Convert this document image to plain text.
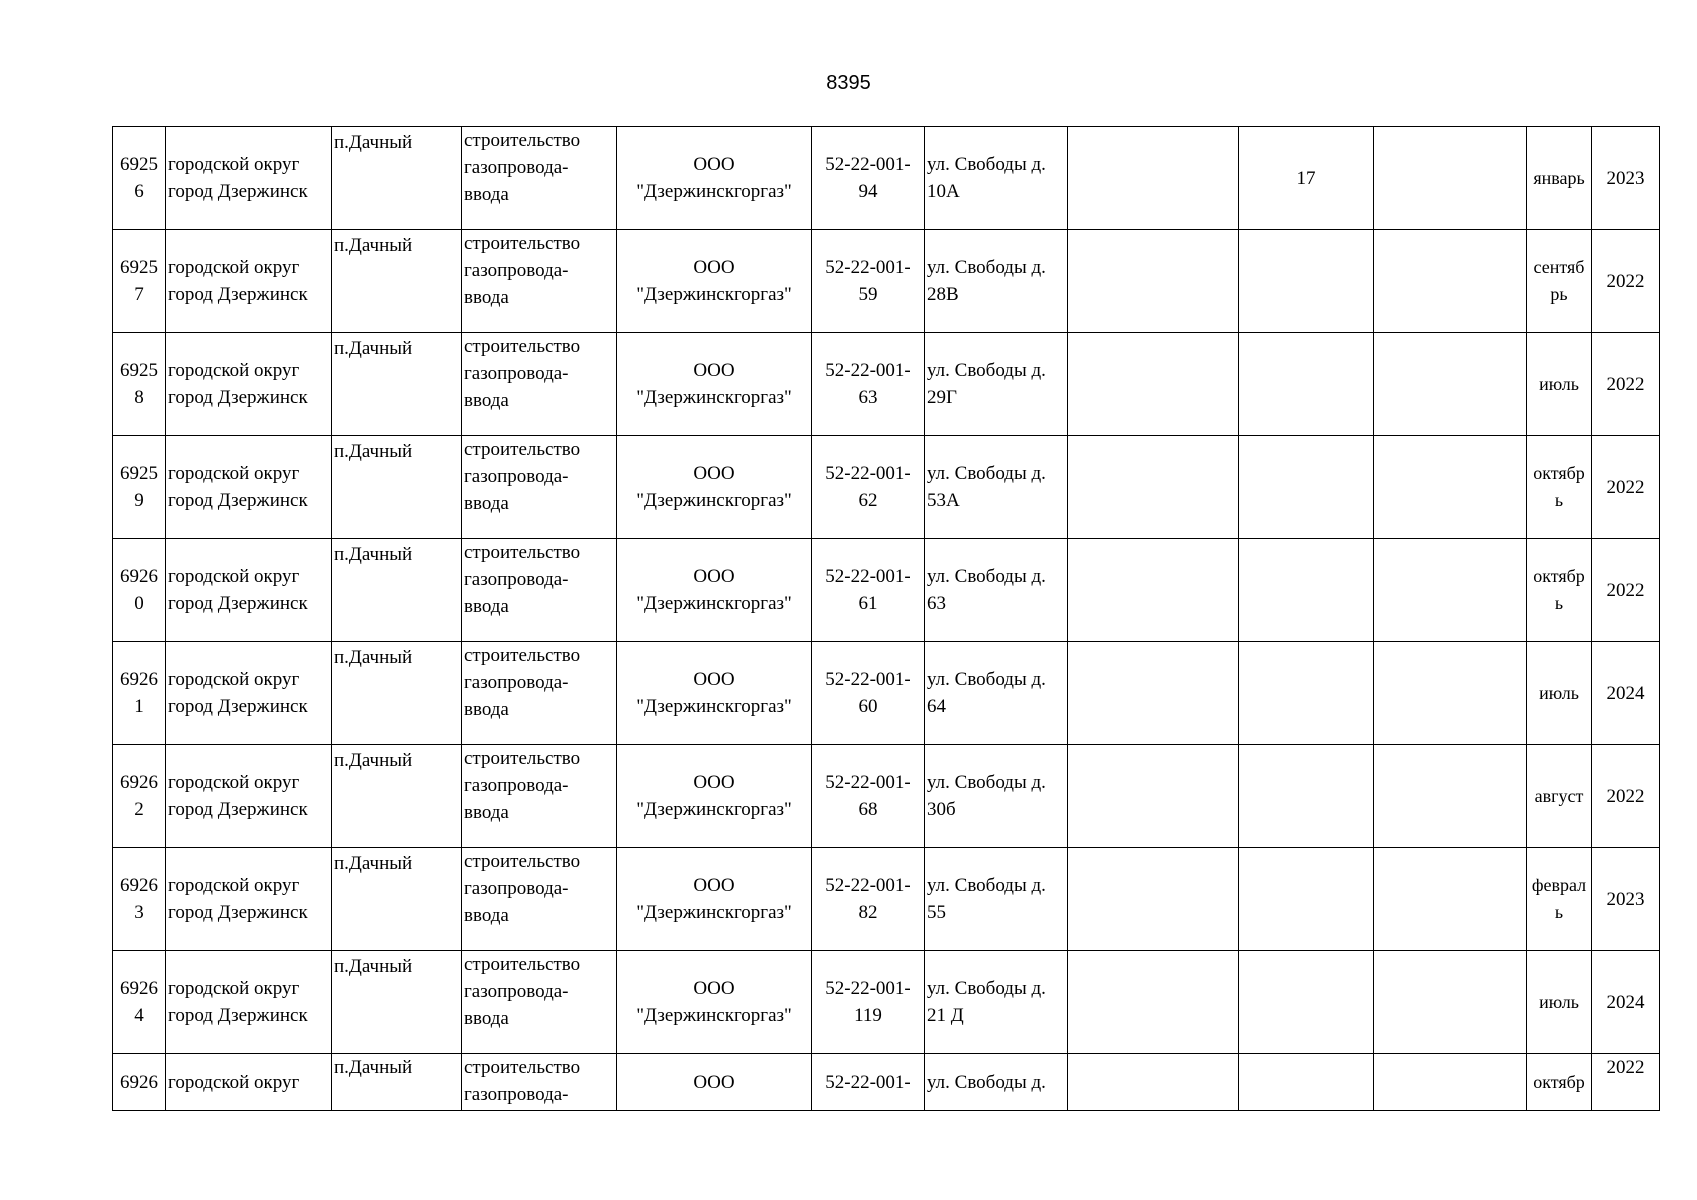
8395
6925
6	городской округ
город Дзержинск	п.Дачный	строительство
газопровода-
ввода	ООО
"Дзержинскгоргаз"	52-22-001-
94	ул. Свободы д.
10А		17		январь	2023

6925
7	городской округ
город Дзержинск	п.Дачный	строительство
газопровода-
ввода	ООО
"Дзержинскгоргаз"	52-22-001-
59	ул. Свободы д.
28В				сентяб
рь	2022

6925
8	городской округ
город Дзержинск	п.Дачный	строительство
газопровода-
ввода	ООО
"Дзержинскгоргаз"	52-22-001-
63	ул. Свободы д.
29Г				июль	2022

6925
9	городской округ
город Дзержинск	п.Дачный	строительство
газопровода-
ввода	ООО
"Дзержинскгоргаз"	52-22-001-
62	ул. Свободы д.
53А				октябр
ь	2022

6926
0	городской округ
город Дзержинск	п.Дачный	строительство
газопровода-
ввода	ООО
"Дзержинскгоргаз"	52-22-001-
61	ул. Свободы д.
63				октябр
ь	2022

6926
1	городской округ
город Дзержинск	п.Дачный	строительство
газопровода-
ввода	ООО
"Дзержинскгоргаз"	52-22-001-
60	ул. Свободы д.
64				июль	2024

6926
2	городской округ
город Дзержинск	п.Дачный	строительство
газопровода-
ввода	ООО
"Дзержинскгоргаз"	52-22-001-
68	ул. Свободы д.
30б				август	2022

6926
3	городской округ
город Дзержинск	п.Дачный	строительство
газопровода-
ввода	ООО
"Дзержинскгоргаз"	52-22-001-
82	ул. Свободы д.
55				феврал
ь	2023

6926
4	городской округ
город Дзержинск	п.Дачный	строительство
газопровода-
ввода	ООО
"Дзержинскгоргаз"	52-22-001-
119	ул. Свободы д.
21 Д				июль	2024

6926	городской округ	п.Дачный	строительство
газопровода-	ООО	52-22-001-	ул. Свободы д.				октябр	2022
